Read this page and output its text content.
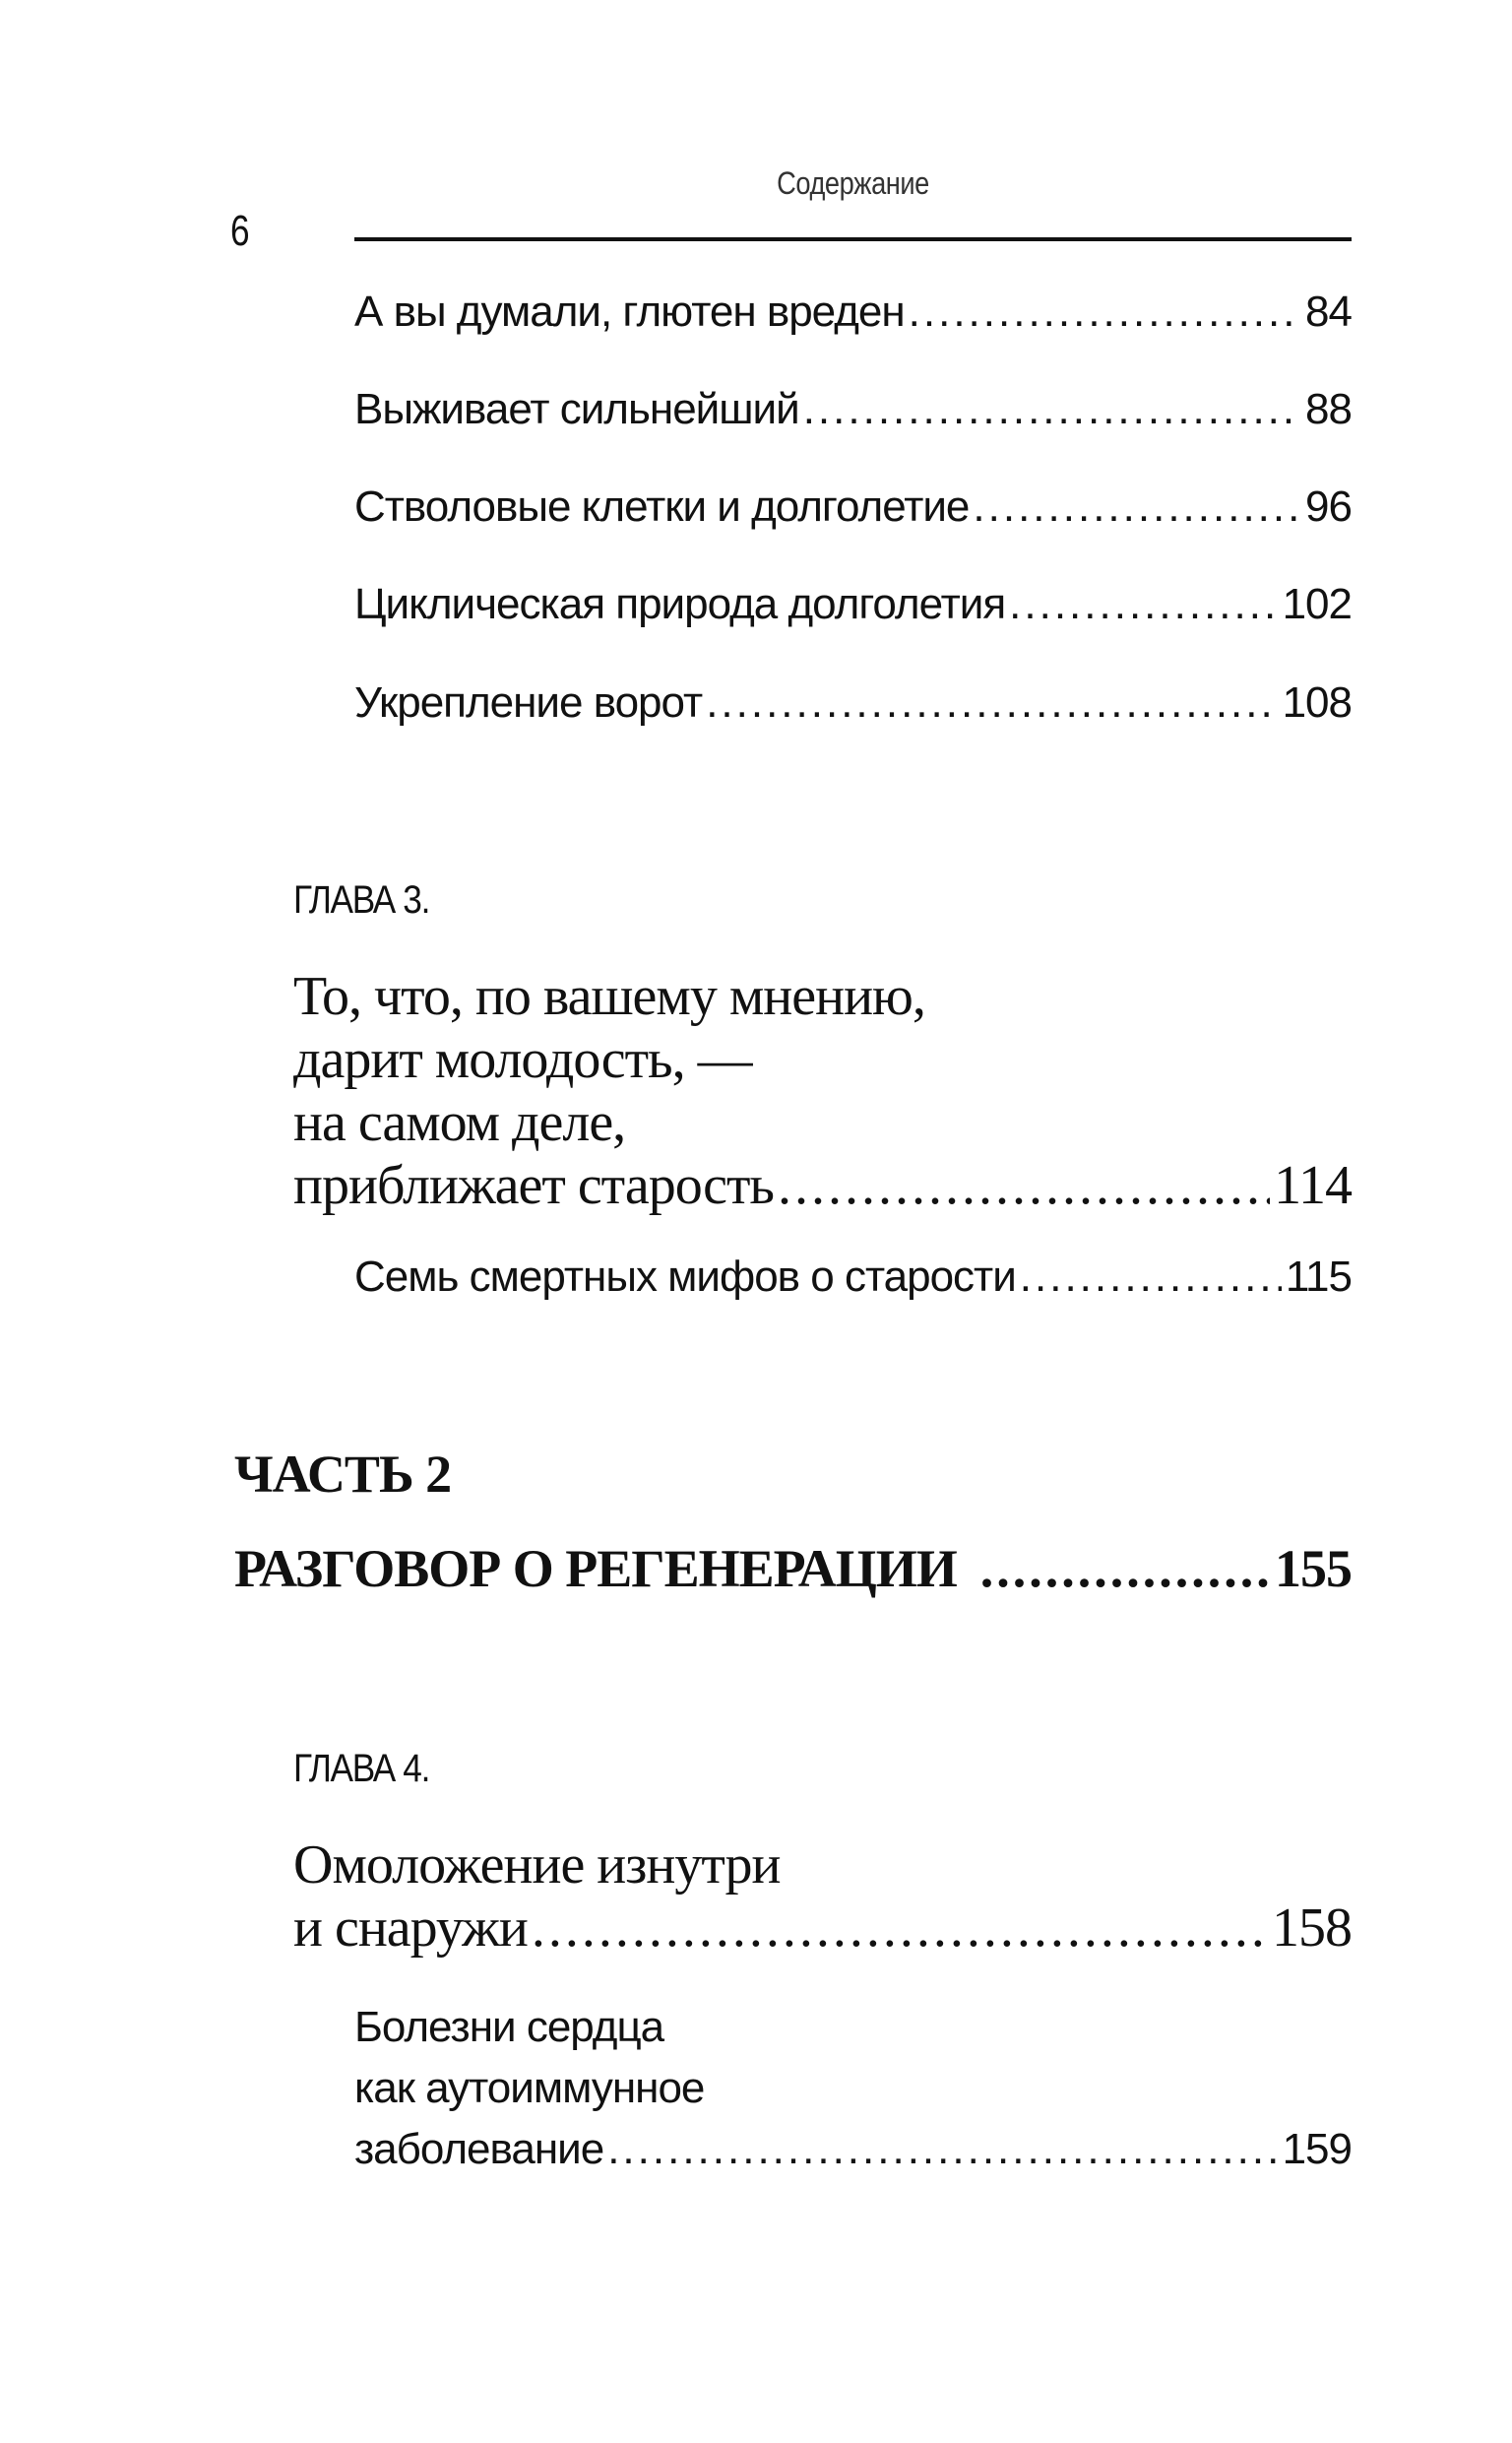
Содержание
6
А вы думали, глютен вреден .....	84
Выживает сильнейший .....	88
Стволовые клетки и долголетие .....	96
Циклическая природа долголетия .....	102
Укрепление ворот .....	108
ГЛАВА 3.
То, что, по вашему мнению,
дарит молодость, —
на самом деле,
приближает старость .....	114
Семь смертных мифов о старости .....	115
ЧАСТЬ 2
РАЗГОВОР О РЕГЕНЕРАЦИИ .....	155
ГЛАВА 4.
Омоложение изнутри
и снаружи .....	158
Болезни сердца
как аутоиммунное
заболевание .....	159
